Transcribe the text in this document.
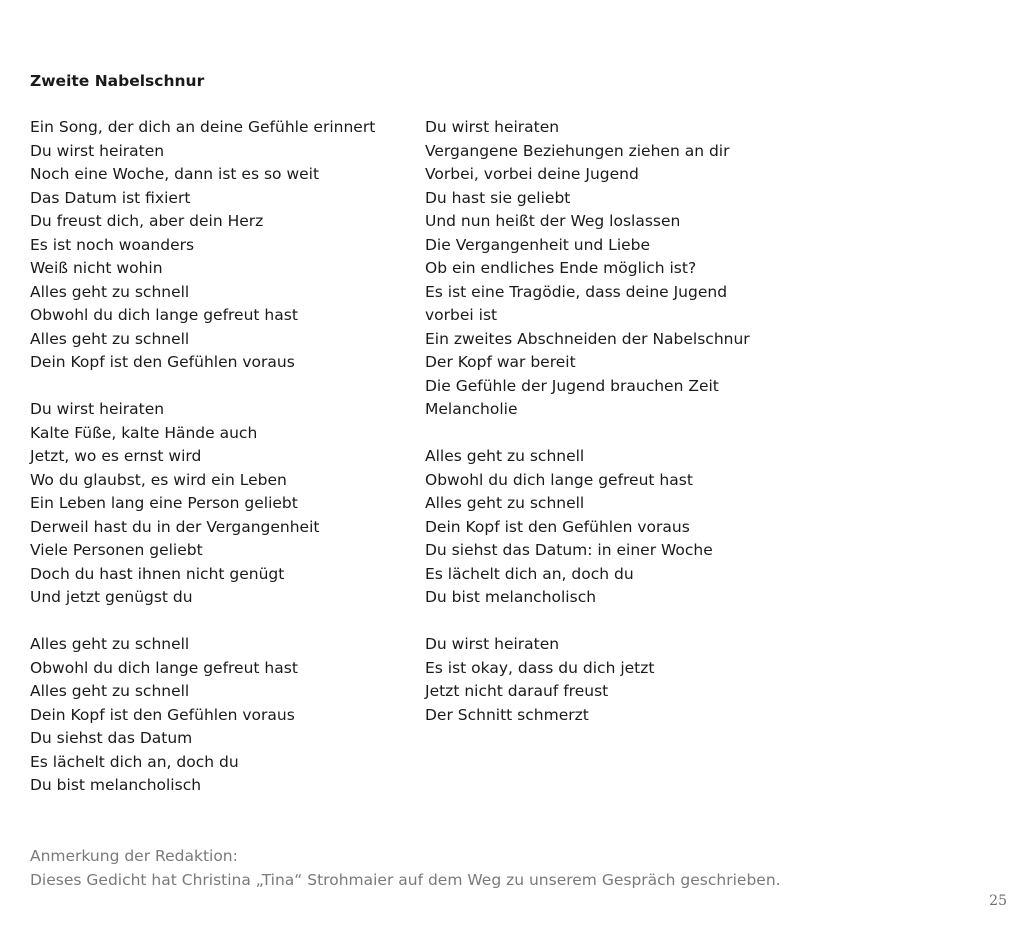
Zweite Nabelschnur
Ein Song, der dich an deine Gefühle erinnert
Du wirst heiraten
Noch eine Woche, dann ist es so weit
Das Datum ist fixiert
Du freust dich, aber dein Herz
Es ist noch woanders
Weiß nicht wohin
Alles geht zu schnell
Obwohl du dich lange gefreut hast
Alles geht zu schnell
Dein Kopf ist den Gefühlen voraus
Du wirst heiraten
Kalte Füße, kalte Hände auch
Jetzt, wo es ernst wird
Wo du glaubst, es wird ein Leben
Ein Leben lang eine Person geliebt
Derweil hast du in der Vergangenheit
Viele Personen geliebt
Doch du hast ihnen nicht genügt
Und jetzt genügst du
Alles geht zu schnell
Obwohl du dich lange gefreut hast
Alles geht zu schnell
Dein Kopf ist den Gefühlen voraus
Du siehst das Datum
Es lächelt dich an, doch du
Du bist melancholisch
Du wirst heiraten
Vergangene Beziehungen ziehen an dir
Vorbei, vorbei deine Jugend
Du hast sie geliebt
Und nun heißt der Weg loslassen
Die Vergangenheit und Liebe
Ob ein endliches Ende möglich ist?
Es ist eine Tragödie, dass deine Jugend
vorbei ist
Ein zweites Abschneiden der Nabelschnur
Der Kopf war bereit
Die Gefühle der Jugend brauchen Zeit
Melancholie
Alles geht zu schnell
Obwohl du dich lange gefreut hast
Alles geht zu schnell
Dein Kopf ist den Gefühlen voraus
Du siehst das Datum: in einer Woche
Es lächelt dich an, doch du
Du bist melancholisch
Du wirst heiraten
Es ist okay, dass du dich jetzt
Jetzt nicht darauf freust
Der Schnitt schmerzt
Anmerkung der Redaktion:
Dieses Gedicht hat Christina „Tina“ Strohmaier auf dem Weg zu unserem Gespräch geschrieben.
25
